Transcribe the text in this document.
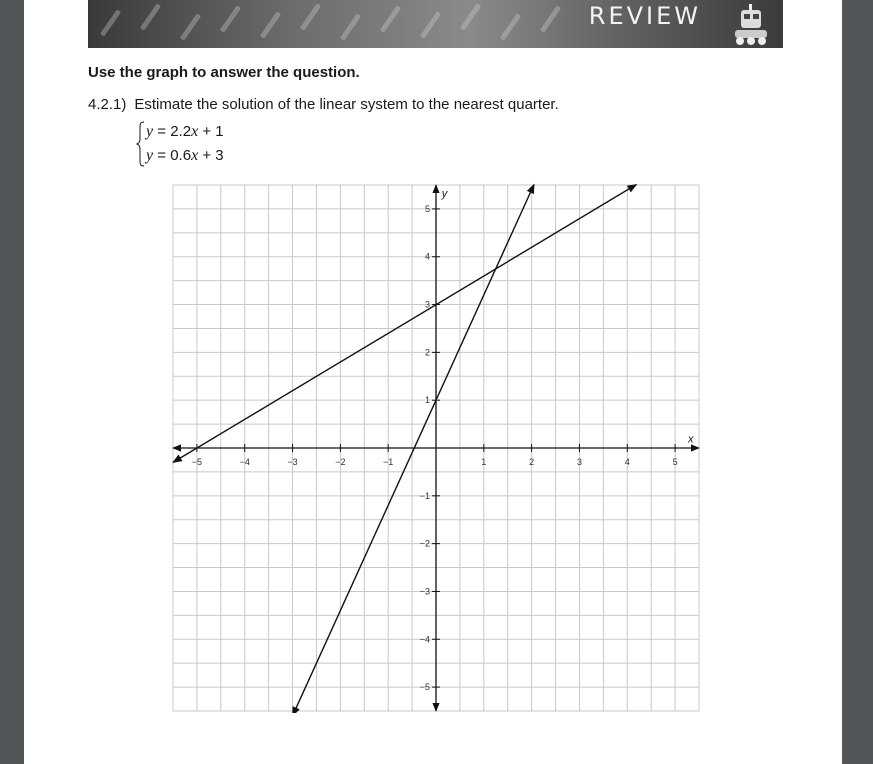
REVIEW
Use the graph to answer the question.
4.2.1) Estimate the solution of the linear system to the nearest quarter.
y = 2.2x + 1
y = 0.6x + 3
x
y
−5	−4	−3	−2	−1	1	2	3	4	5
−5
−4
−3
−2
−1
1
2
3
4
5
